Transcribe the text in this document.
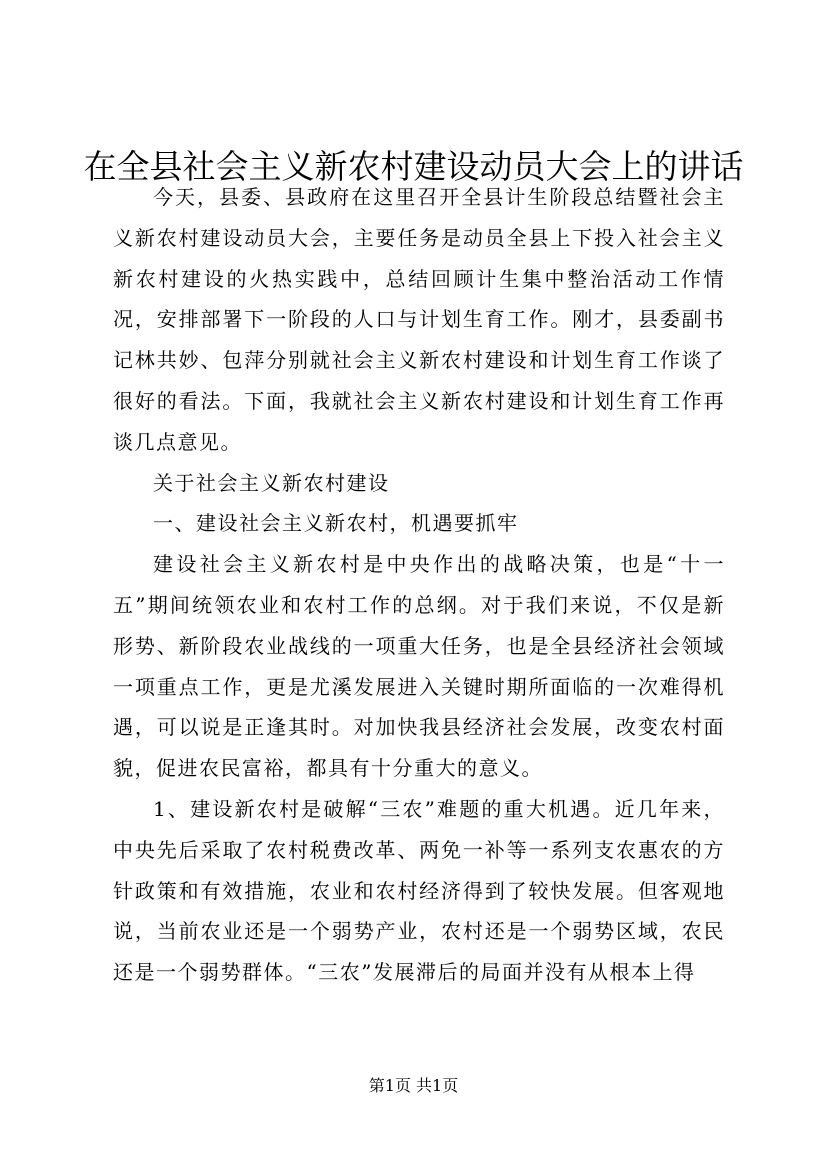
在全县社会主义新农村建设动员大会上的讲话

今天，县委、县政府在这里召开全县计生阶段总结暨社会主义新农村建设动员大会，主要任务是动员全县上下投入社会主义新农村建设的火热实践中，总结回顾计生集中整治活动工作情况，安排部署下一阶段的人口与计划生育工作。刚才，县委副书记林共妙、包萍分别就社会主义新农村建设和计划生育工作谈了很好的看法。下面，我就社会主义新农村建设和计划生育工作再谈几点意见。

关于社会主义新农村建设

一、建设社会主义新农村，机遇要抓牢

建设社会主义新农村是中央作出的战略决策，也是“十一五”期间统领农业和农村工作的总纲。对于我们来说，不仅是新形势、新阶段农业战线的一项重大任务，也是全县经济社会领域一项重点工作，更是尤溪发展进入关键时期所面临的一次难得机遇，可以说是正逢其时。对加快我县经济社会发展，改变农村面貌，促进农民富裕，都具有十分重大的意义。

1、建设新农村是破解“三农”难题的重大机遇。近几年来，中央先后采取了农村税费改革、两免一补等一系列支农惠农的方针政策和有效措施，农业和农村经济得到了较快发展。但客观地说，当前农业还是一个弱势产业，农村还是一个弱势区域，农民还是一个弱势群体。“三农”发展滞后的局面并没有从根本上得

第1页 共1页
